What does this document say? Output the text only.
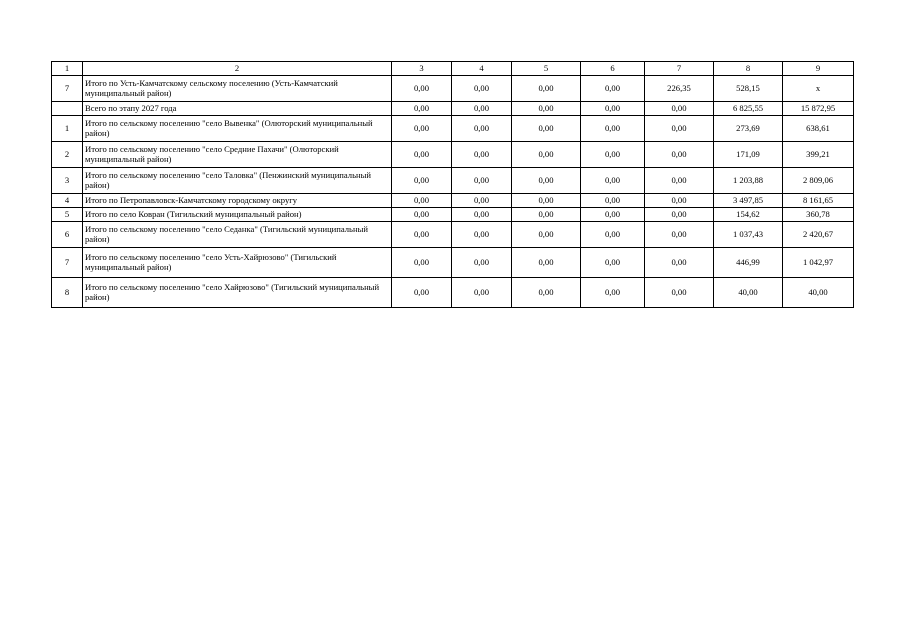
1	2	3	4	5	6	7	8	9
7	Итого по Усть-Камчатскому сельскому поселению (Усть-Камчатский муниципальный район)	0,00	0,00	0,00	0,00	226,35	528,15	x
	Всего по этапу 2027 года	0,00	0,00	0,00	0,00	0,00	6 825,55	15 872,95
1	Итого по сельскому поселению "село Вывенка" (Олюторский муниципальный район)	0,00	0,00	0,00	0,00	0,00	273,69	638,61
2	Итого по сельскому поселению "село Средние Пахачи" (Олюторский муниципальный район)	0,00	0,00	0,00	0,00	0,00	171,09	399,21
3	Итого по сельскому поселению "село Таловка" (Пенжинский муниципальный район)	0,00	0,00	0,00	0,00	0,00	1 203,88	2 809,06
4	Итого по Петропавловск-Камчатскому городскому округу	0,00	0,00	0,00	0,00	0,00	3 497,85	8 161,65
5	Итого по село Ковран (Тигильский муниципальный район)	0,00	0,00	0,00	0,00	0,00	154,62	360,78
6	Итого по сельскому поселению "село Седанка" (Тигильский муниципальный район)	0,00	0,00	0,00	0,00	0,00	1 037,43	2 420,67
7	Итого по сельскому поселению "село Усть-Хайрюзово" (Тигильский муниципальный район)	0,00	0,00	0,00	0,00	0,00	446,99	1 042,97
8	Итого по сельскому поселению "село Хайрюзово" (Тигильский муниципальный район)	0,00	0,00	0,00	0,00	0,00	40,00	40,00
